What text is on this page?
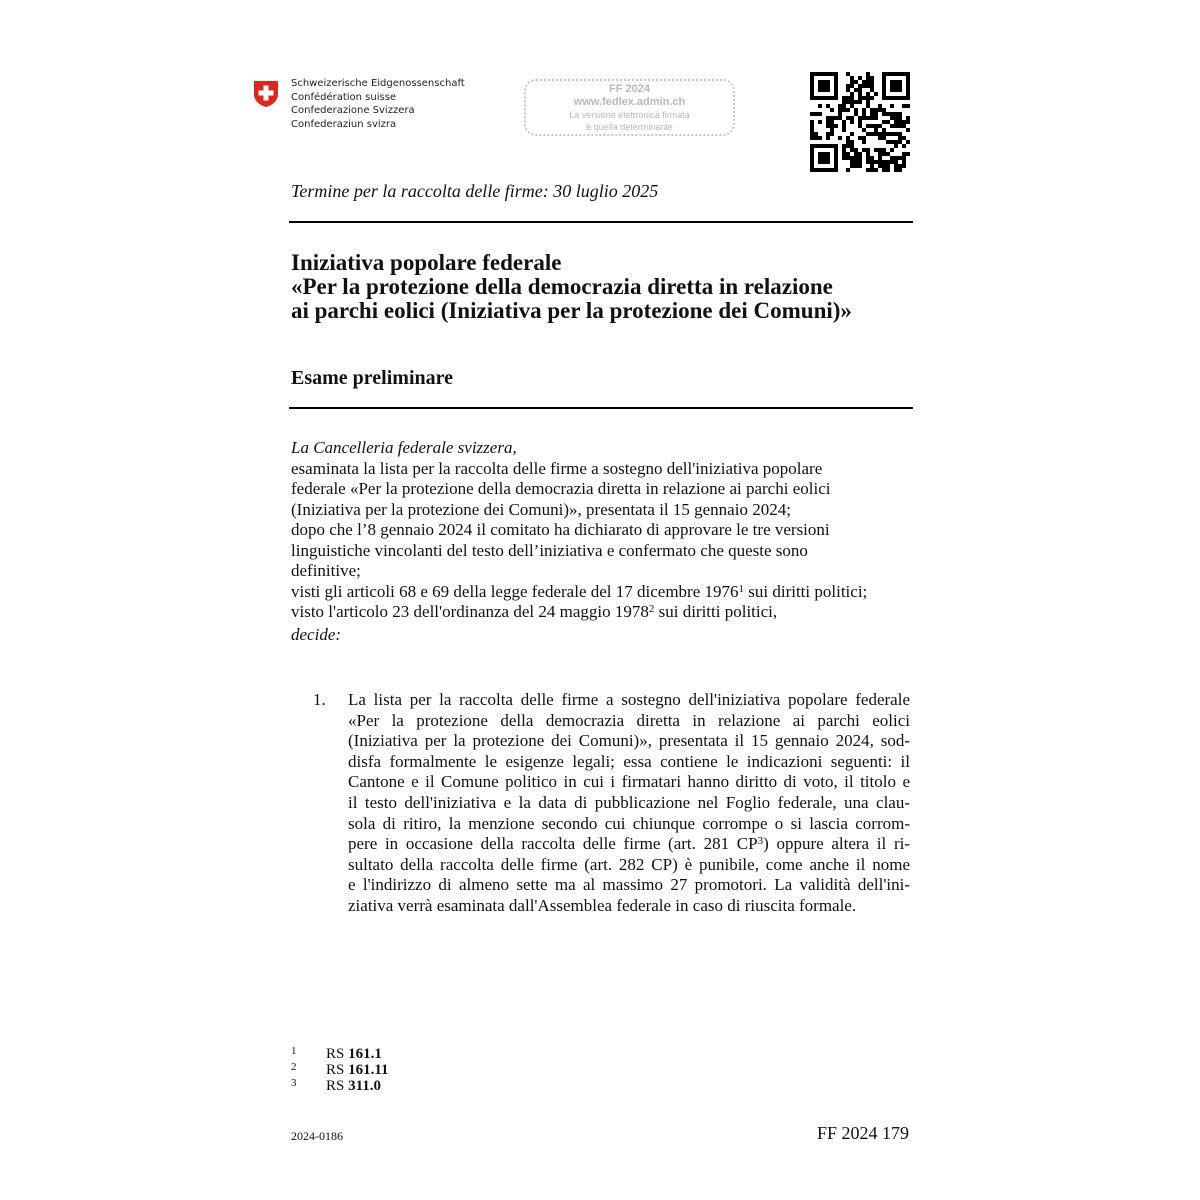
Schweizerische Eidgenossenschaft
Confédération suisse
Confederazione Svizzera
Confederaziun svizra
FF 2024
www.fedlex.admin.ch
La versione elettronica firmata
è quella determinante
Termine per la raccolta delle firme: 30 luglio 2025
Iniziativa popolare federale
«Per la protezione della democrazia diretta in relazione
ai parchi eolici (Iniziativa per la protezione dei Comuni)»
Esame preliminare
La Cancelleria federale svizzera,
esaminata la lista per la raccolta delle firme a sostegno dell'iniziativa popolare
federale «Per la protezione della democrazia diretta in relazione ai parchi eolici
(Iniziativa per la protezione dei Comuni)», presentata il 15 gennaio 2024;
dopo che l’8 gennaio 2024 il comitato ha dichiarato di approvare le tre versioni
linguistiche vincolanti del testo dell’iniziativa e confermato che queste sono
definitive;
visti gli articoli 68 e 69 della legge federale del 17 dicembre 1976$^1$ sui diritti politici;
visto l'articolo 23 dell'ordinanza del 24 maggio 1978$^2$ sui diritti politici,
decide:
1. La lista per la raccolta delle firme a sostegno dell'iniziativa popolare federale
«Per la protezione della democrazia diretta in relazione ai parchi eolici
(Iniziativa per la protezione dei Comuni)», presentata il 15 gennaio 2024, sod-
disfa formalmente le esigenze legali; essa contiene le indicazioni seguenti: il
Cantone e il Comune politico in cui i firmatari hanno diritto di voto, il titolo e
il testo dell'iniziativa e la data di pubblicazione nel Foglio federale, una clau-
sola di ritiro, la menzione secondo cui chiunque corrompe o si lascia corrom-
pere in occasione della raccolta delle firme (art. 281 $CP^3$) oppure altera il ri-
sultato della raccolta delle firme (art. 282 CP) è punibile, come anche il nome
e l'indirizzo di almeno sette ma al massimo 27 promotori. La validità dell'ini-
ziativa verrà esaminata dall'Assemblea federale in caso di riuscita formale.
1 RS 161.1
2 RS 161.11
3 RS 311.0
2024-0186	FF 2024 179
